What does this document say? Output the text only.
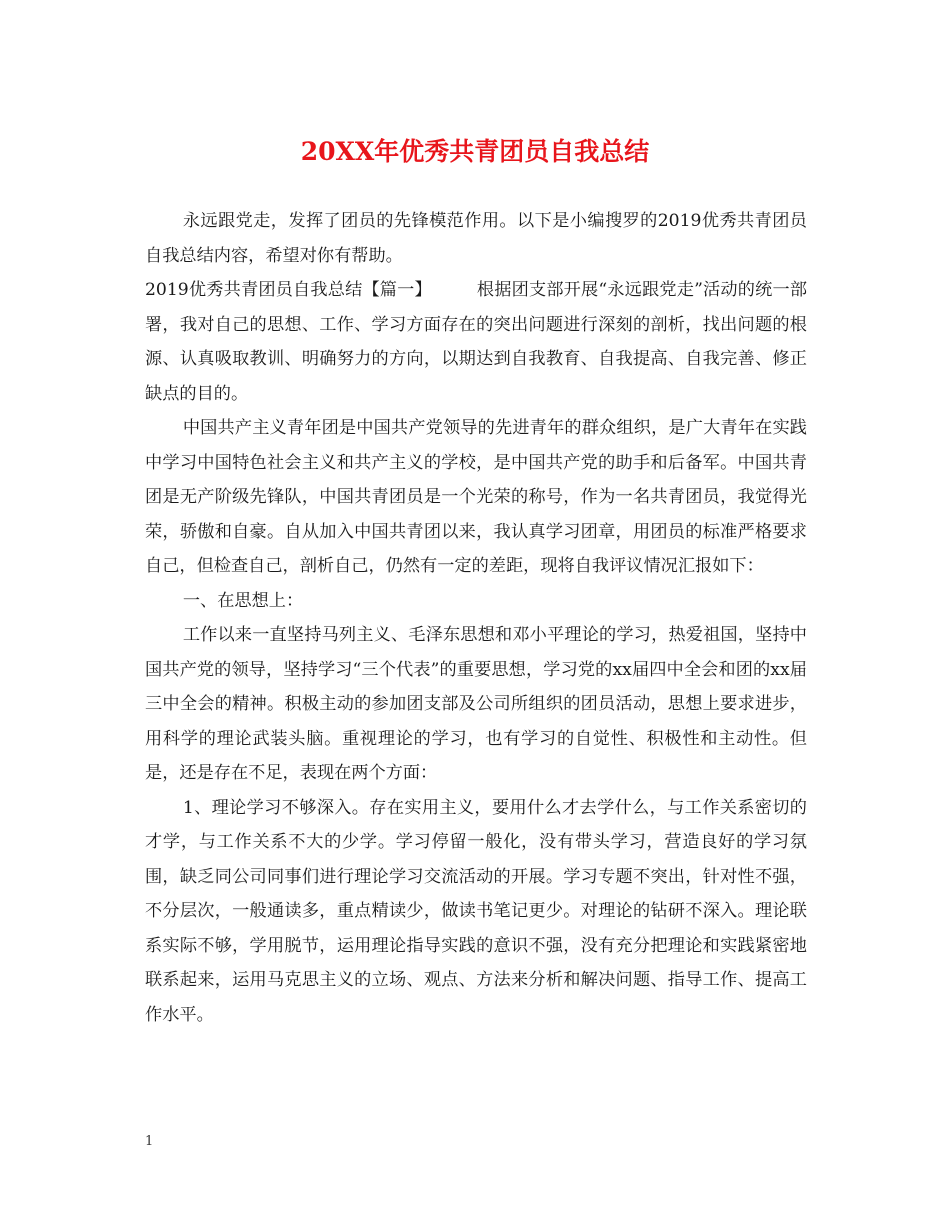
20XX年优秀共青团员自我总结

永远跟党走，发挥了团员的先锋模范作用。以下是小编搜罗的2019优秀共青团员自我总结内容，希望对你有帮助。

2019优秀共青团员自我总结【篇一】	根据团支部开展“永远跟党走”活动的统一部署，我对自己的思想、工作、学习方面存在的突出问题进行深刻的剖析，找出问题的根源、认真吸取教训、明确努力的方向，以期达到自我教育、自我提高、自我完善、修正缺点的目的。

中国共产主义青年团是中国共产党领导的先进青年的群众组织，是广大青年在实践中学习中国特色社会主义和共产主义的学校，是中国共产党的助手和后备军。中国共青团是无产阶级先锋队，中国共青团员是一个光荣的称号，作为一名共青团员，我觉得光荣，骄傲和自豪。自从加入中国共青团以来，我认真学习团章，用团员的标准严格要求自己，但检查自己，剖析自己，仍然有一定的差距，现将自我评议情况汇报如下：

一、在思想上：

工作以来一直坚持马列主义、毛泽东思想和邓小平理论的学习，热爱祖国，坚持中国共产党的领导，坚持学习“三个代表”的重要思想，学习党的xx届四中全会和团的xx届三中全会的精神。积极主动的参加团支部及公司所组织的团员活动，思想上要求进步，用科学的理论武装头脑。重视理论的学习，也有学习的自觉性、积极性和主动性。但是，还是存在不足，表现在两个方面：

1、理论学习不够深入。存在实用主义，要用什么才去学什么，与工作关系密切的才学，与工作关系不大的少学。学习停留一般化，没有带头学习，营造良好的学习氛围，缺乏同公司同事们进行理论学习交流活动的开展。学习专题不突出，针对性不强，不分层次，一般通读多，重点精读少，做读书笔记更少。对理论的钻研不深入。理论联系实际不够，学用脱节，运用理论指导实践的意识不强，没有充分把理论和实践紧密地联系起来，运用马克思主义的立场、观点、方法来分析和解决问题、指导工作、提高工作水平。

1
